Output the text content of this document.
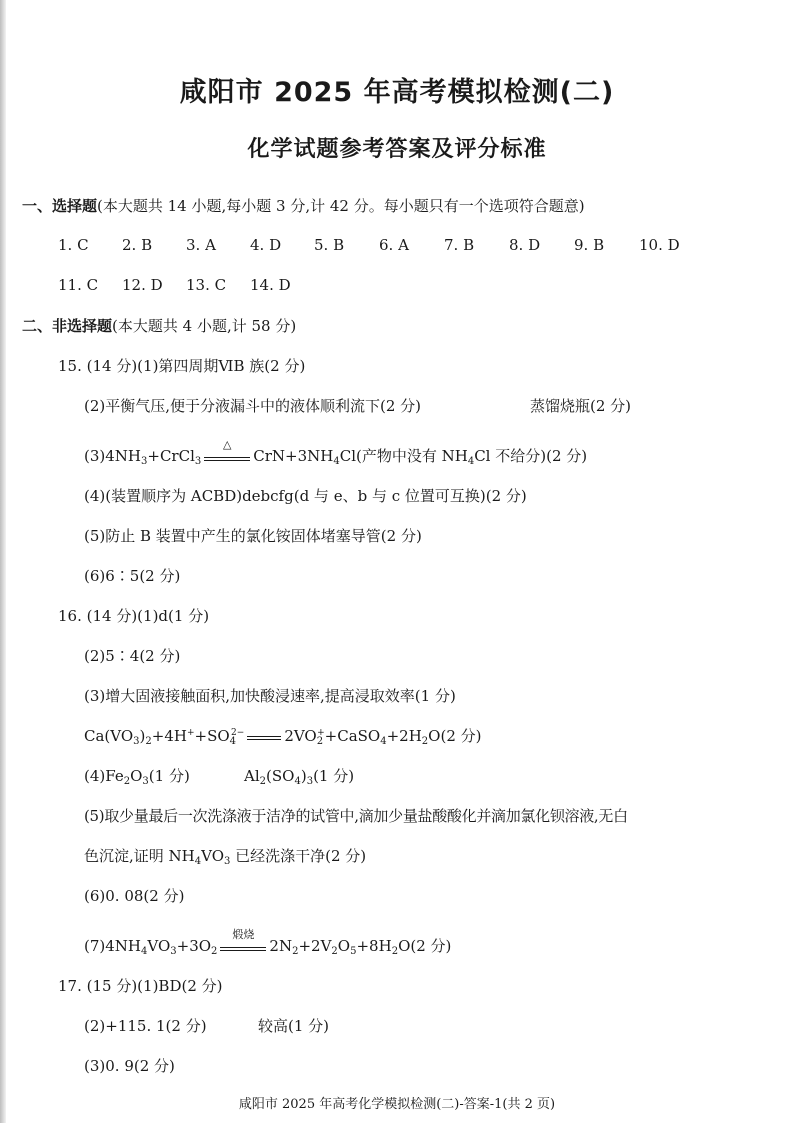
咸阳市 2025 年高考模拟检测(二)
化学试题参考答案及评分标准
一、选择题(本大题共 14 小题,每小题 3 分,计 42 分。每小题只有一个选项符合题意)
1. C 2. B 3. A 4. D 5. B 6. A 7. B 8. D 9. B 10. D
11. C 12. D 13. C 14. D
二、非选择题(本大题共 4 小题,计 58 分)
15. (14 分)(1)第四周期ⅥB 族(2 分)
(2)平衡气压,便于分液漏斗中的液体顺利流下(2 分)	蒸馏烧瓶(2 分)
$(3)4NH_3+CrCl_3$
△
$CrN+3NH_4Cl$(产物中没有 $NH_4Cl$ 不给分)(2 分)
(4)(装置顺序为 ACBD)debcfg(d 与 e、b 与 c 位置可互换)(2 分)
(5)防止 B 装置中产生的氯化铵固体堵塞导管(2 分)
(6)6∶5(2 分)
16. (14 分)(1)d(1 分)
(2)5∶4(2 分)
(3)增大固液接触面积,加快酸浸速率,提高浸取效率(1 分)
$Ca(VO_3)_2+4H^++SO_4^{2-}$	$2VO_2^++CaSO_4+2H_2O(2$ 分)
$(4)Fe_2O_3(1$ 分)	$Al_2(SO_4)_3(1$ 分)
(5)取少量最后一次洗涤液于洁净的试管中,滴加少量盐酸酸化并滴加氯化钡溶液,无白
色沉淀,证明 $NH_4VO_3$ 已经洗涤干净(2 分)
(6)0. 08(2 分)
$(7)4NH_4VO_3+3O_2$
煅烧
$2N_2+2V_2O_5+8H_2O(2$ 分)
17. (15 分)(1)BD(2 分)
(2)+115. 1(2 分)	较高(1 分)
(3)0. 9(2 分)
咸阳市 2025 年高考化学模拟检测(二)-答案-1(共 2 页)
